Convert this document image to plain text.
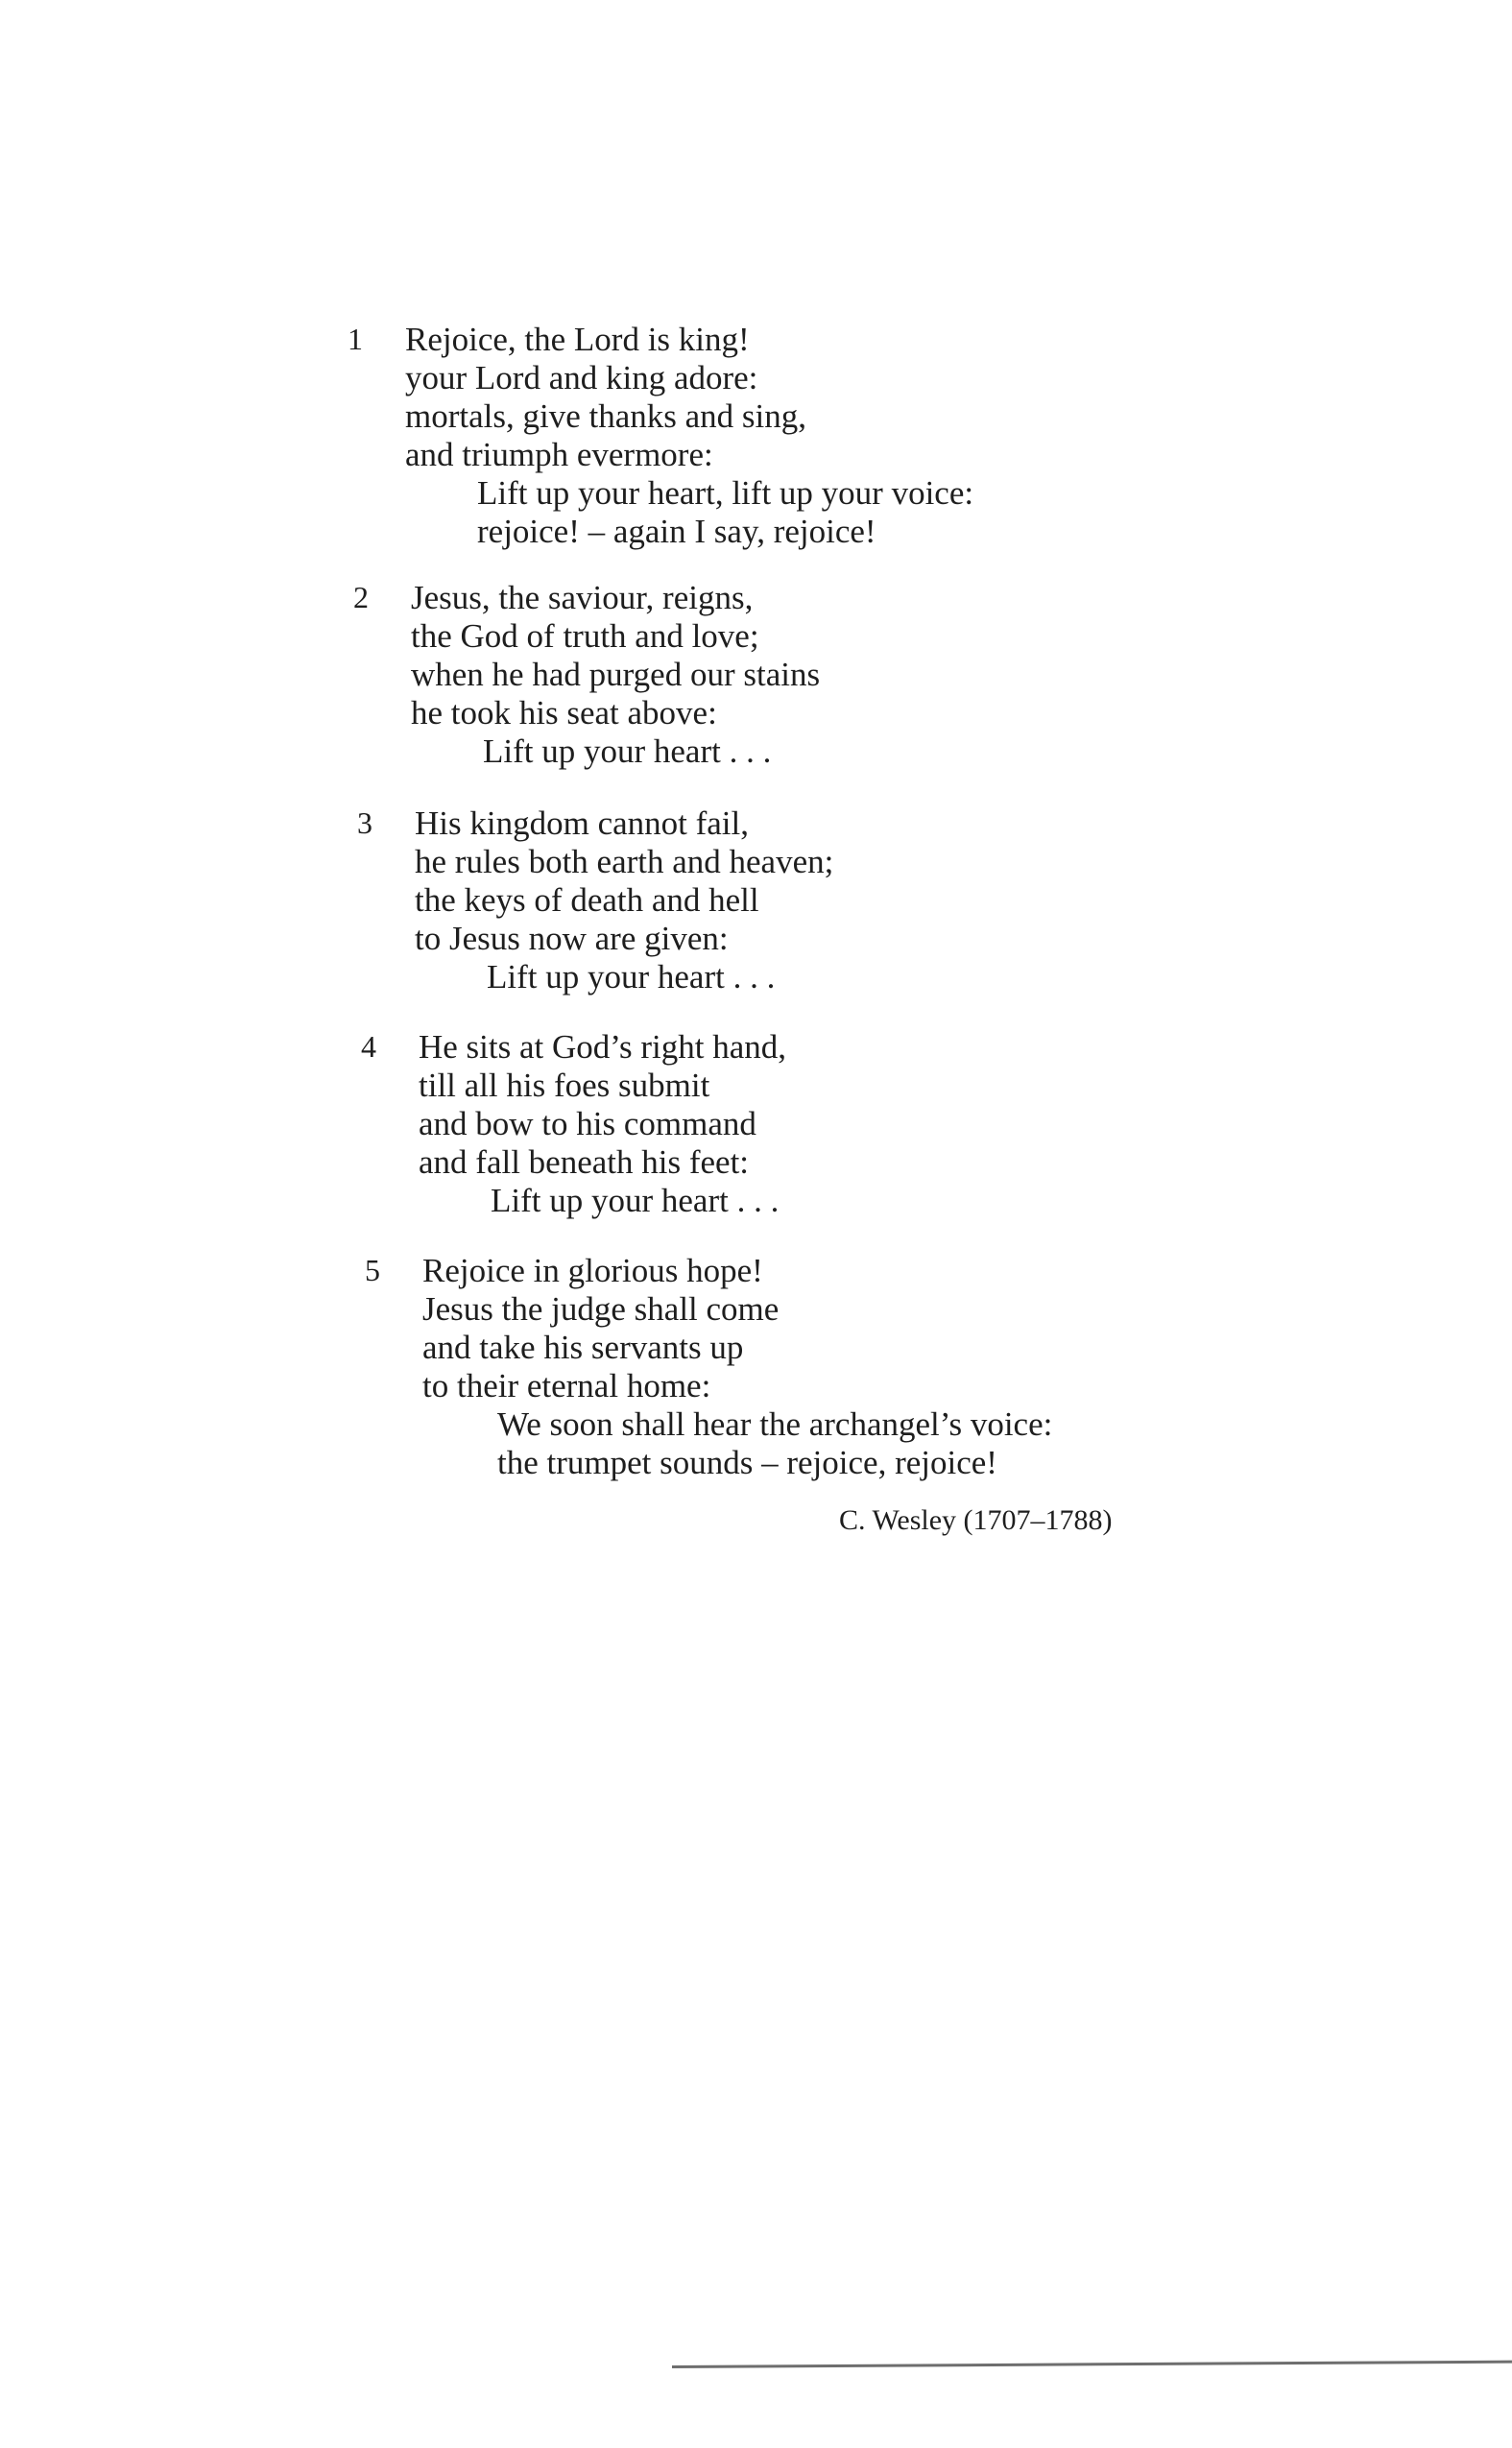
1 Rejoice, the Lord is king!
your Lord and king adore:
mortals, give thanks and sing,
and triumph evermore:
Lift up your heart, lift up your voice:
rejoice! – again I say, rejoice!
2 Jesus, the saviour, reigns,
the God of truth and love;
when he had purged our stains
he took his seat above:
Lift up your heart . . .
3 His kingdom cannot fail,
he rules both earth and heaven;
the keys of death and hell
to Jesus now are given:
Lift up your heart . . .
4 He sits at God’s right hand,
till all his foes submit
and bow to his command
and fall beneath his feet:
Lift up your heart . . .
5 Rejoice in glorious hope!
Jesus the judge shall come
and take his servants up
to their eternal home:
We soon shall hear the archangel’s voice:
the trumpet sounds – rejoice, rejoice!
C. Wesley (1707–1788)
